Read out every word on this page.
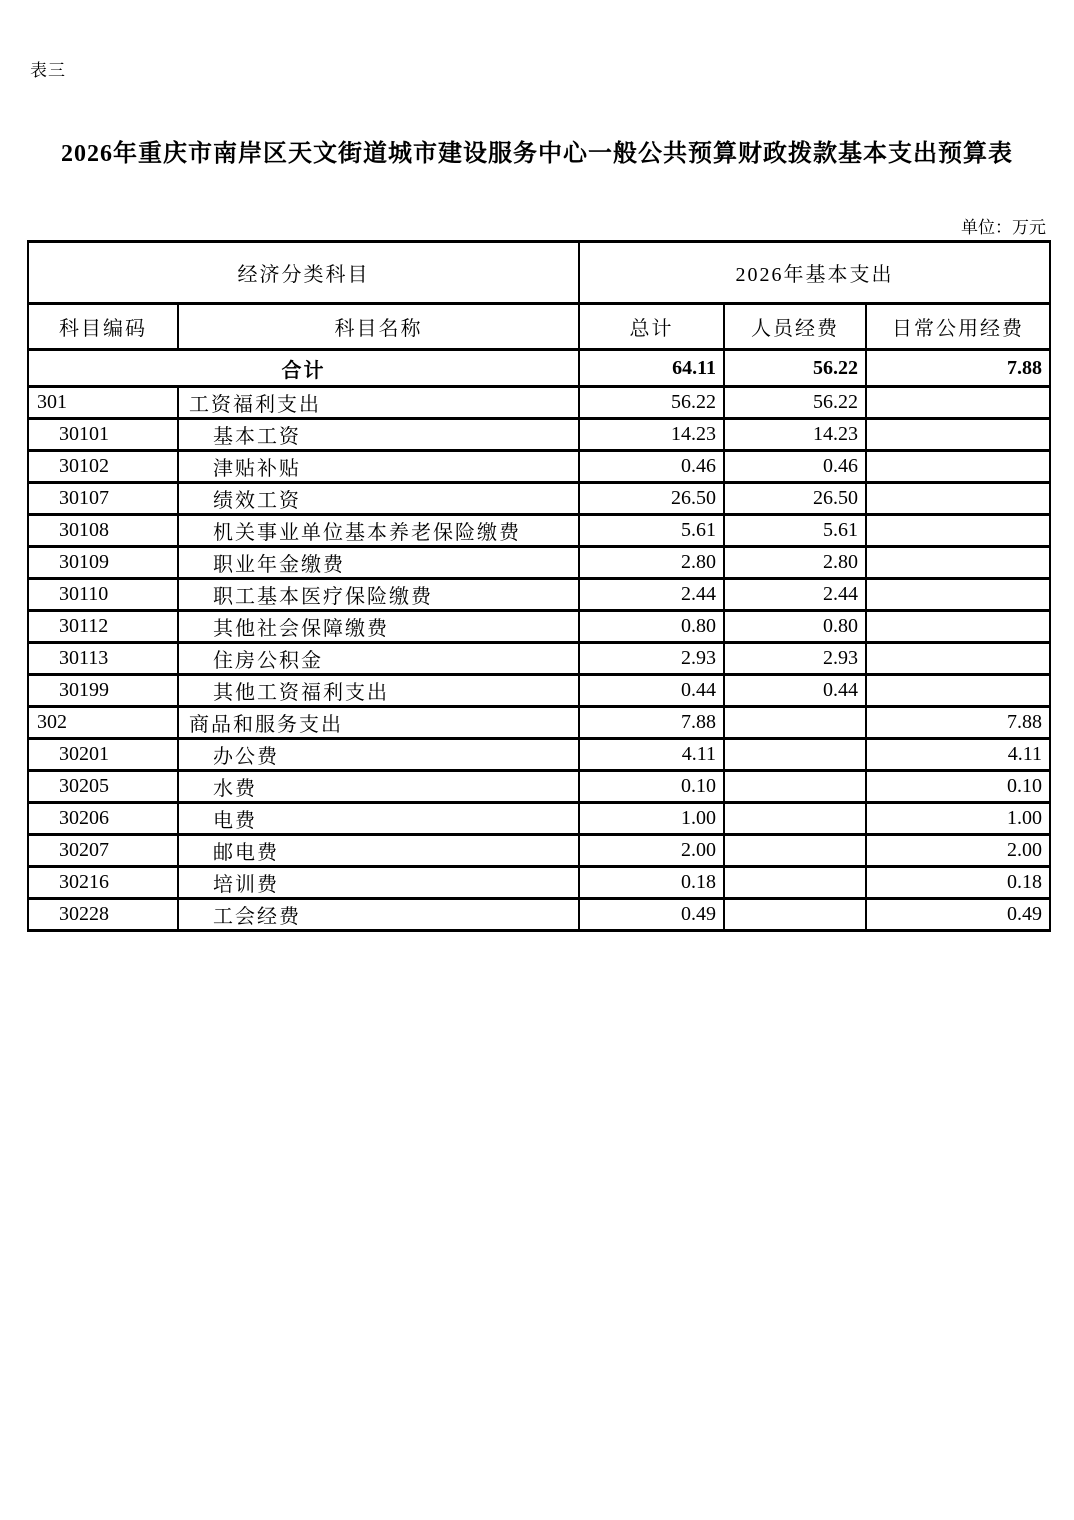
表三
2026年重庆市南岸区天文街道城市建设服务中心一般公共预算财政拨款基本支出预算表
单位：万元
经济分类科目		2026年基本支出		
科目编码	科目名称	总计	人员经费	日常公用经费
合计		64.11	56.22	7.88
301	工资福利支出	56.22	56.22	
30101	基本工资	14.23	14.23	
30102	津贴补贴	0.46	0.46	
30107	绩效工资	26.50	26.50	
30108	机关事业单位基本养老保险缴费	5.61	5.61	
30109	职业年金缴费	2.80	2.80	
30110	职工基本医疗保险缴费	2.44	2.44	
30112	其他社会保障缴费	0.80	0.80	
30113	住房公积金	2.93	2.93	
30199	其他工资福利支出	0.44	0.44	
302	商品和服务支出	7.88		7.88
30201	办公费	4.11		4.11
30205	水费	0.10		0.10
30206	电费	1.00		1.00
30207	邮电费	2.00		2.00
30216	培训费	0.18		0.18
30228	工会经费	0.49		0.49
